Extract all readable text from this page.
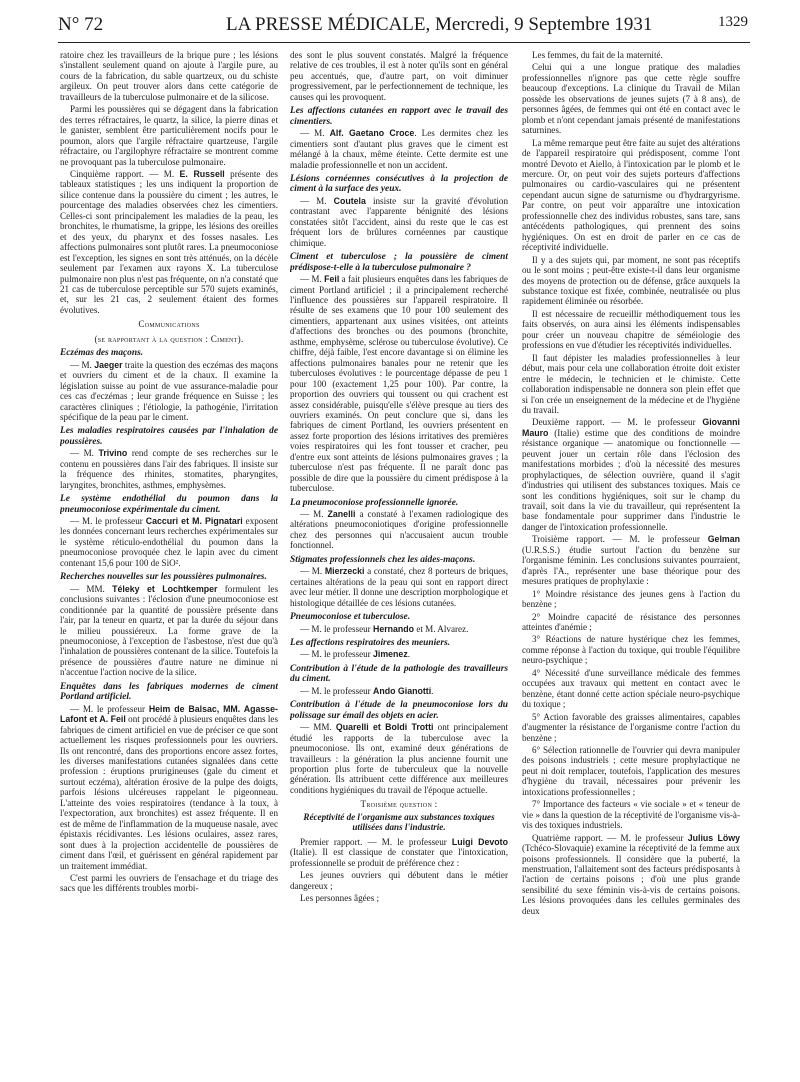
N° 72	LA PRESSE MÉDICALE, Mercredi, 9 Septembre 1931	1329

ratoire chez les travailleurs de la brique pure ; les lésions s'installent seulement quand on ajoute à l'argile pure, au cours de la fabrication, du sable quartzeux, ou du schiste argileux. On peut trouver alors dans cette catégorie de travailleurs de la tuberculose pulmonaire et de la silicose.

Parmi les poussières qui se dégagent dans la fabrication des terres réfractaires, le quartz, la silice, la pierre dinas et le ganister, semblent être particulièrement nocifs pour le poumon, alors que l'argile réfractaire quartzeuse, l'argile réfractaire, ou l'argilophyre réfractaire se montrent comme ne provoquant pas la tuberculose pulmonaire.

Cinquième rapport. — M. E. Russell présente des tableaux statistiques ; les uns indiquent la proportion de silice contenue dans la poussière du ciment ; les autres, le pourcentage des maladies observées chez les cimentiers. Celles-ci sont principalement les maladies de la peau, les bronchites, le rhumatisme, la grippe, les lésions des oreilles et des yeux, du pharynx et des fosses nasales. Les affections pulmonaires sont plutôt rares. La pneumoconiose est l'exception, les signes en sont très atténués, on la décèle seulement par l'examen aux rayons X. La tuberculose pulmonaire non plus n'est pas fréquente, on n'a constaté que 21 cas de tuberculose perceptible sur 570 sujets examinés, et, sur les 21 cas, 2 seulement étaient des formes évolutives.

Communications

(se rapportant à la question : Ciment).

Eczémas des maçons.

— M. Jaeger traite la question des eczémas des maçons et ouvriers du ciment et de la chaux. Il examine la législation suisse au point de vue assurance-maladie pour ces cas d'eczémas ; leur grande fréquence en Suisse ; les caractères cliniques ; l'étiologie, la pathogénie, l'irritation spécifique de la peau par le ciment.

Les maladies respiratoires causées par l'inhalation de poussières.

— M. Trivino rend compte de ses recherches sur le contenu en poussières dans l'air des fabriques. Il insiste sur la fréquence des rhinites, stomatites, pharyngites, laryngites, bronchites, asthmes, emphysèmes.

Le système endothélial du poumon dans la pneumoconiose expérimentale du ciment.

— M. le professeur Caccuri et M. Pignatari exposent les données concernant leurs recherches expérimentales sur le système réticulo-endothélial du poumon dans la pneumoconiose provoquée chez le lapin avec du ciment contenant 15,6 pour 100 de SiO².

Recherches nouvelles sur les poussières pulmonaires.

— MM. Téleky et Lochtkemper formulent les conclusions suivantes : l'éclosion d'une pneumoconiose est conditionnée par la quantité de poussière présente dans l'air, par la teneur en quartz, et par la durée du séjour dans le milieu poussiéreux. La forme grave de la pneumoconiose, à l'exception de l'asbestose, n'est due qu'à l'inhalation de poussières contenant de la silice. Toutefois la présence de poussières d'autre nature ne diminue ni n'accentue l'action nocive de la silice.

Enquêtes dans les fabriques modernes de ciment Portland artificiel.

— M. le professeur Heim de Balsac, MM. Agasse-Lafont et A. Feil ont procédé à plusieurs enquêtes dans les fabriques de ciment artificiel en vue de préciser ce que sont actuellement les risques professionnels pour les ouvriers. Ils ont rencontré, dans des proportions encore assez fortes, les diverses manifestations cutanées signalées dans cette profession : éruptions prurigineuses (gale du ciment et surtout eczéma), altération érosive de la pulpe des doigts, parfois lésions ulcéreuses rappelant le pigeonneau. L'atteinte des voies respiratoires (tendance à la toux, à l'expectoration, aux bronchites) est assez fréquente. Il en est de même de l'inflammation de la muqueuse nasale, avec épistaxis récidivantes. Les lésions oculaires, assez rares, sont dues à la projection accidentelle de poussières de ciment dans l'œil, et guérissent en général rapidement par un traitement immédiat.

C'est parmi les ouvriers de l'ensachage et du triage des sacs que les différents troubles morbi-

des sont le plus souvent constatés. Malgré la fréquence relative de ces troubles, il est à noter qu'ils sont en général peu accentués, que, d'autre part, on voit diminuer progressivement, par le perfectionnement de technique, les causes qui les provoquent.

Les affections cutanées en rapport avec le travail des cimentiers.

— M. Alf. Gaetano Croce. Les dermites chez les cimentiers sont d'autant plus graves que le ciment est mélangé à la chaux, même éteinte. Cette dermite est une maladie professionnelle et non un accident.

Lésions cornéennes consécutives à la projection de ciment à la surface des yeux.

— M. Coutela insiste sur la gravité d'évolution contrastant avec l'apparente bénignité des lésions constatées sitôt l'accident, ainsi du reste que le cas est fréquent lors de brûlures cornéennes par caustique chimique.

Ciment et tuberculose ; la poussière de ciment prédispose-t-elle à la tuberculose pulmonaire ?

— M. Feil a fait plusieurs enquêtes dans les fabriques de ciment Portland artificiel ; il a principalement recherché l'influence des poussières sur l'appareil respiratoire. Il résulte de ses examens que 10 pour 100 seulement des cimentiers, appartenant aux usines visitées, ont atteints d'affections des bronches ou des poumons (bronchite, asthme, emphysème, sclérose ou tuberculose évolutive). Ce chiffre, déjà faible, l'est encore davantage si on élimine les affections pulmonaires banales pour ne retenir que les tuberculoses évolutives : le pourcentage dépasse de peu 1 pour 100 (exactement 1,25 pour 100). Par contre, la proportion des ouvriers qui toussent ou qui crachent est assez considérable, puisqu'elle s'élève presque au tiers des ouvriers examinés. On peut conclure que si, dans les fabriques de ciment Portland, les ouvriers présentent en assez forte proportion des lésions irritatives des premières voies respiratoires qui les font tousser et cracher, peu d'entre eux sont atteints de lésions pulmonaires graves ; la tuberculose n'est pas fréquente. Il ne paraît donc pas possible de dire que la poussière du ciment prédispose à la tuberculose.

La pneumoconiose professionnelle ignorée.

— M. Zanelli a constaté à l'examen radiologique des altérations pneumoconiotiques d'origine professionnelle chez des personnes qui n'accusaient aucun trouble fonctionnel.

Stigmates professionnels chez les aides-maçons.

— M. Mierzecki a constaté, chez 8 porteurs de briques, certaines altérations de la peau qui sont en rapport direct avec leur métier. Il donne une description morphologique et histologique détaillée de ces lésions cutanées.

Pneumoconiose et tuberculose.

— M. le professeur Hernando et M. Alvarez.

Les affections respiratoires des meuniers.

— M. le professeur Jimenez.

Contribution à l'étude de la pathologie des travailleurs du ciment.

— M. le professeur Ando Gianotti.

Contribution à l'étude de la pneumoconiose lors du polissage sur émail des objets en acier.

— MM. Quarelli et Boldi Trotti ont principalement étudié les rapports de la tuberculose avec la pneumoconiose. Ils ont, examiné deux générations de travailleurs : la génération la plus ancienne fournit une proportion plus forte de tuberculeux que la nouvelle génération. Ils attribuent cette différence aux meilleures conditions hygiéniques du travail de l'époque actuelle.

Troisième question :

Réceptivité de l'organisme aux substances toxiques utilisées dans l'industrie.

Premier rapport. — M. le professeur Luigi Devoto (Italie). Il est classique de constater que l'intoxication, professionnelle se produit de préférence chez :

Les jeunes ouvriers qui débutent dans le métier dangereux ;

Les personnes âgées ;

Les femmes, du fait de la maternité.

Celui qui a une longue pratique des maladies professionnelles n'ignore pas que cette règle souffre beaucoup d'exceptions. La clinique du Travail de Milan possède les observations de jeunes sujets (7 à 8 ans), de personnes âgées, de femmes qui ont été en contact avec le plomb et n'ont cependant jamais présenté de manifestations saturnines.

La même remarque peut être faite au sujet des altérations de l'appareil respiratoire qui prédisposent, comme l'ont montré Devoto et Aiello, à l'intoxication par le plomb et le mercure. Or, on peut voir des sujets porteurs d'affections pulmonaires ou cardio-vasculaires qui ne présentent cependant aucun signe de saturnisme ou d'hydrargyrisme. Par contre, on peut voir apparaître une intoxication professionnelle chez des individus robustes, sans tare, sans antécédents pathologiques, qui prennent des soins hygiéniques. On est en droit de parler en ce cas de réceptivité individuelle.

Il y a des sujets qui, par moment, ne sont pas réceptifs ou le sont moins ; peut-être existe-t-il dans leur organisme des moyens de protection ou de défense, grâce auxquels la substance toxique est fixée, combinée, neutralisée ou plus rapidement éliminée ou résorbée.

Il est nécessaire de recueillir méthodiquement tous les faits observés, on aura ainsi les éléments indispensables pour créer un nouveau chapitre de séméiologie des professions en vue d'étudier les réceptivités individuelles.

Il faut dépister les maladies professionnelles à leur début, mais pour cela une collaboration étroite doit exister entre le médecin, le technicien et le chimiste. Cette collaboration indispensable ne donnera son plein effet que si l'on crée un enseignement de la médecine et de l'hygiène du travail.

Deuxième rapport. — M. le professeur Giovanni Mauro (Italie) estime que des conditions de moindre résistance organique — anatomique ou fonctionnelle — peuvent jouer un certain rôle dans l'éclosion des manifestations morbides ; d'où la nécessité des mesures prophylactiques, de sélection ouvrière, quand il s'agit d'industries qui utilisent des substances toxiques. Mais ce sont les conditions hygiéniques, soit sur le champ du travail, soit dans la vie du travailleur, qui représentent la base fondamentale pour supprimer dans l'industrie le danger de l'intoxication professionnelle.

Troisième rapport. — M. le professeur Gelman (U.R.S.S.) étudie surtout l'action du benzène sur l'organisme féminin. Les conclusions suivantes pourraient, d'après l'A., représenter une base théorique pour des mesures pratiques de prophylaxie :

1° Moindre résistance des jeunes gens à l'action du benzène ;

2° Moindre capacité de résistance des personnes atteintes d'anémie ;

3° Réactions de nature hystérique chez les femmes, comme réponse à l'action du toxique, qui trouble l'équilibre neuro-psychique ;

4° Nécessité d'une surveillance médicale des femmes occupées aux travaux qui mettent en contact avec le benzène, étant donné cette action spéciale neuro-psychique du toxique ;

5° Action favorable des graisses alimentaires, capables d'augmenter la résistance de l'organisme contre l'action du benzène ;

6° Sélection rationnelle de l'ouvrier qui devra manipuler des poisons industriels ; cette mesure prophylactique ne peut ni doit remplacer, toutefois, l'application des mesures d'hygiène du travail, nécessaires pour prévenir les intoxications professionnelles ;

7° Importance des facteurs « vie sociale » et « teneur de vie » dans la question de la réceptivité de l'organisme vis-à-vis des toxiques industriels.

Quatrième rapport. — M. le professeur Julius Löwy (Tchéco-Slovaquie) examine la réceptivité de la femme aux poisons professionnels. Il considère que la puberté, la menstruation, l'allaitement sont des facteurs prédisposants à l'action de certains poisons ; d'où une plus grande sensibilité du sexe féminin vis-à-vis de certains poisons. Les lésions provoquées dans les cellules germinales des deux
